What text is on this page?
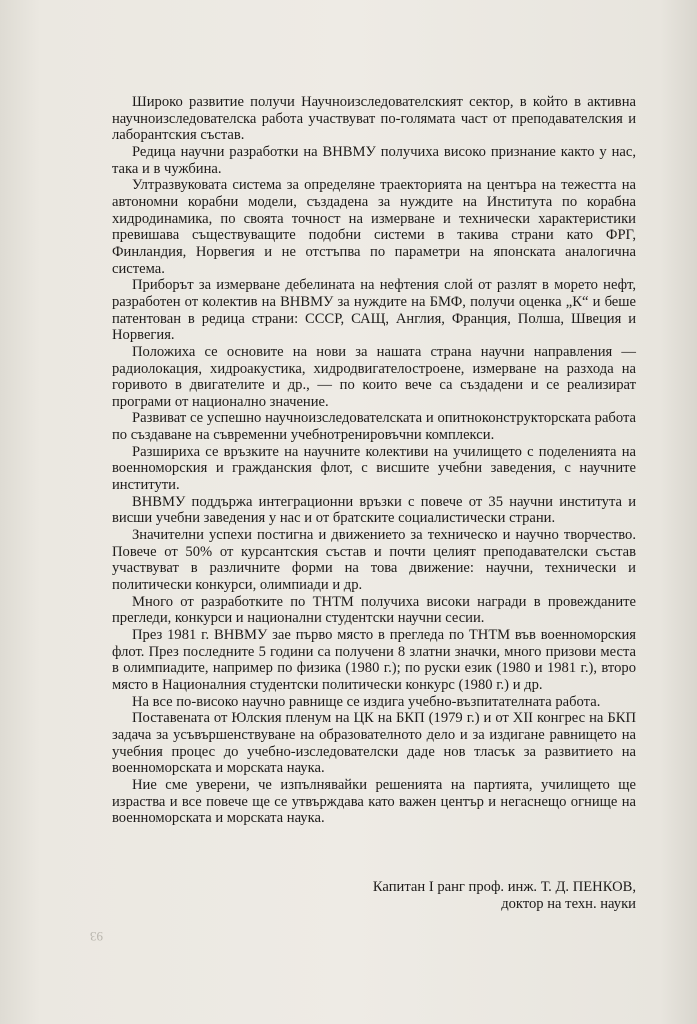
Широко развитие получи Научноизследователският сектор, в който в активна научноизследователска работа участвуват по-голямата част от преподавателския и лаборантския състав.

Редица научни разработки на ВНВМУ получиха високо признание както у нас, така и в чужбина.

Ултразвуковата система за определяне траекторията на центъра на тежестта на автономни корабни модели, създадена за нуждите на Института по корабна хидродинамика, по своята точност на измерване и технически характеристики превишава съществуващите подобни системи в такива страни като ФРГ, Финландия, Норвегия и не отстъпва по параметри на японската аналогична система.

Приборът за измерване дебелината на нефтения слой от разлят в морето нефт, разработен от колектив на ВНВМУ за нуждите на БМФ, получи оценка „К“ и беше патентован в редица страни: СССР, САЩ, Англия, Франция, Полша, Швеция и Норвегия.

Положиха се основите на нови за нашата страна научни направления — радиолокация, хидроакустика, хидродвигателостроене, измерване на разхода на горивото в двигателите и др., — по които вече са създадени и се реализират програми от национално значение.

Развиват се успешно научноизследователската и опитноконструкторската работа по създаване на съвременни учебнотренировъчни комплекси.

Разшириха се връзките на научните колективи на училището с поделенията на военноморския и гражданския флот, с висшите учебни заведения, с научните институти.

ВНВМУ поддържа интеграционни връзки с повече от 35 научни института и висши учебни заведения у нас и от братските социалистически страни.

Значителни успехи постигна и движението за техническо и научно творчество. Повече от 50% от курсантския състав и почти целият преподавателски състав участвуват в различните форми на това движение: научни, технически и политически конкурси, олимпиади и др.

Много от разработките по ТНТМ получиха високи награди в провежданите прегледи, конкурси и национални студентски научни сесии.

През 1981 г. ВНВМУ зае първо място в прегледа по ТНТМ във военноморския флот. През последните 5 години са получени 8 златни значки, много призови места в олимпиадите, например по физика (1980 г.); по руски език (1980 и 1981 г.), второ място в Националния студентски политически конкурс (1980 г.) и др.

На все по-високо научно равнище се издига учебно-възпитателната работа.

Поставената от Юлския пленум на ЦК на БКП (1979 г.) и от XII конгрес на БКП задача за усъвършенствуване на образователното дело и за издигане равнището на учебния процес до учебно-изследователски даде нов тласък за развитието на военноморската и морската наука.

Ние сме уверени, че изпълнявайки решенията на партията, училището ще израства и все повече ще се утвърждава като важен център и негаснещо огнище на военноморската и морската наука.

Капитан I ранг проф. инж. Т. Д. ПЕНКОВ,
доктор на техн. науки
93
